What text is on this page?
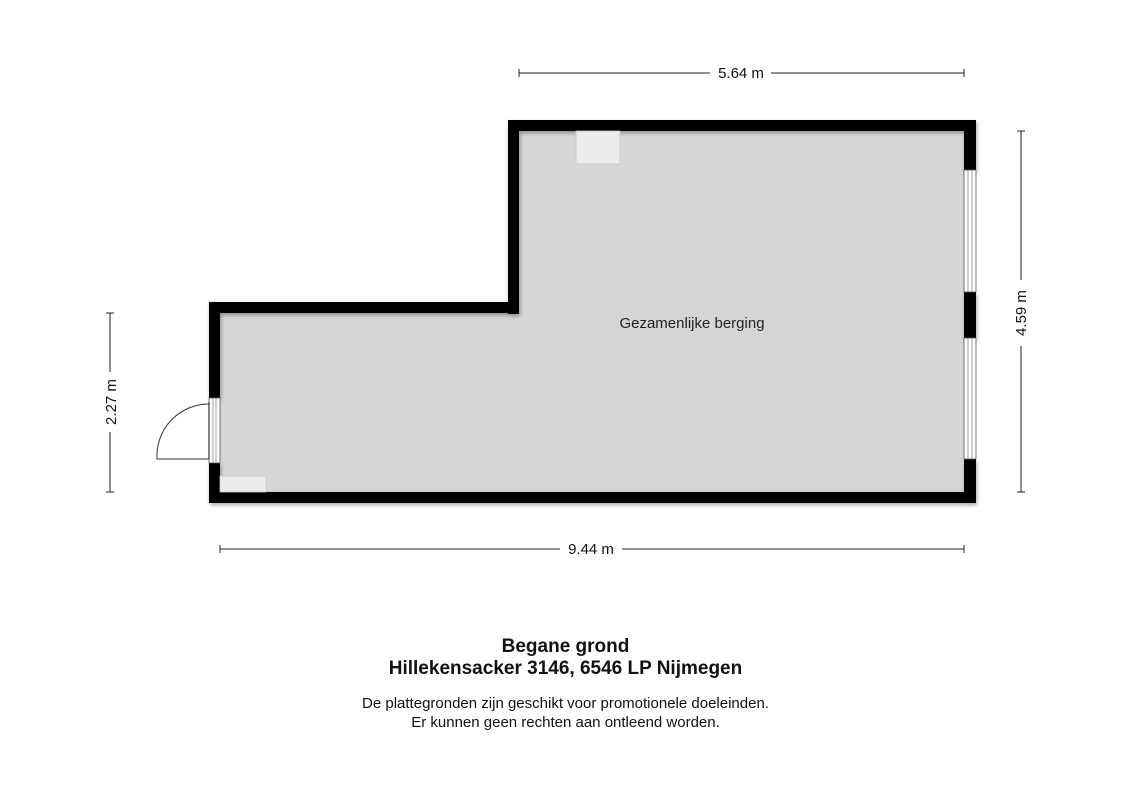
Gezamenlijke berging
5.64 m
9.44 m
4.59 m
2.27 m
Begane grond
Hillekensacker 3146, 6546 LP Nijmegen
De plattegronden zijn geschikt voor promotionele doeleinden.
Er kunnen geen rechten aan ontleend worden.
